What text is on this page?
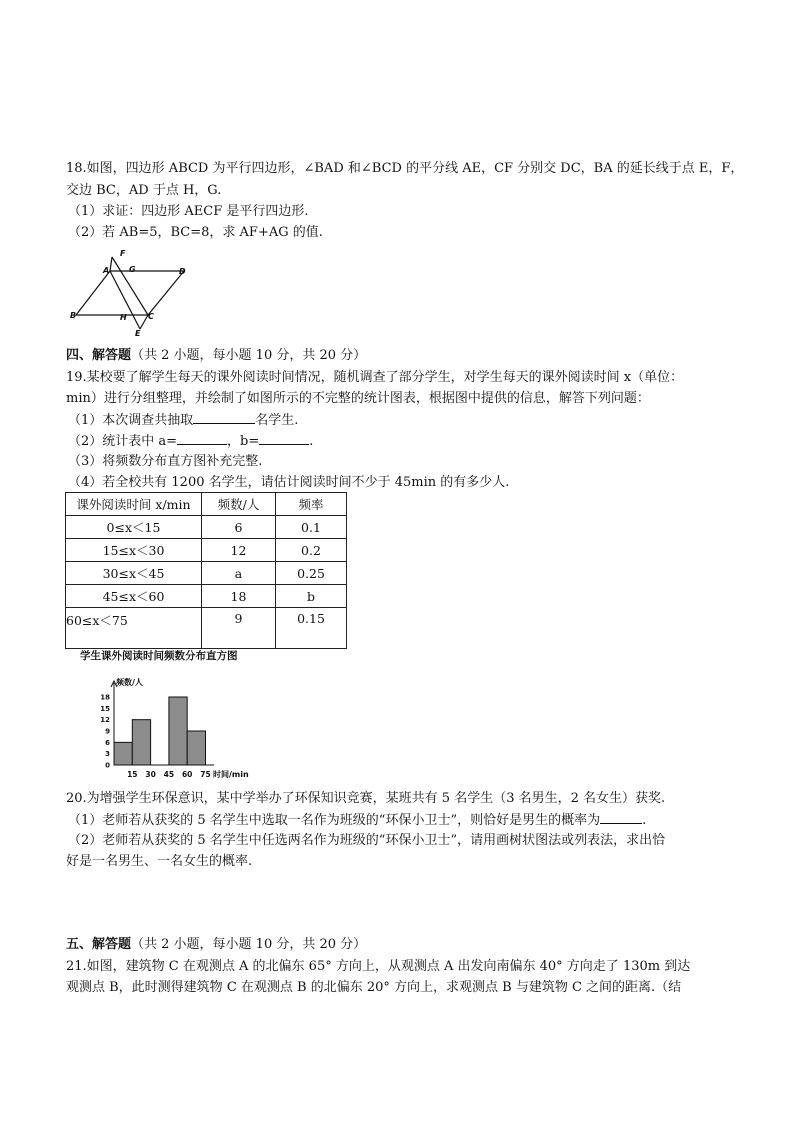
18.如图，四边形 ABCD 为平行四边形，∠BAD 和∠BCD 的平分线 AE，CF 分别交 DC，BA 的延长线于点 E，F，
交边 BC，AD 于点 H，G.
（1）求证：四边形 AECF 是平行四边形.
（2）若 AB=5，BC=8，求 AF+AG 的值.
A
B	C
D
E
F
G
H
四、解答题（共 2 小题，每小题 10 分，共 20 分）
19.某校要了解学生每天的课外阅读时间情况，随机调查了部分学生，对学生每天的课外阅读时间 x（单位：
min）进行分组整理，并绘制了如图所示的不完整的统计图表，根据图中提供的信息，解答下列问题：
（1）本次调查共抽取	名学生.
（2）统计表中 a=	，b=	.
（3）将频数分布直方图补充完整.
（4）若全校共有 1200 名学生，请估计阅读时间不少于 45min 的有多少人.
课外阅读时间 x/min	频数/人	频率
0≤x＜15	6	0.1
15≤x＜30	12	0.2
30≤x＜45	a	0.25
45≤x＜60	18	b
60≤x＜75	9	0.15
学生课外阅读时间频数分布直方图
频数/人
时间/min
0
3
6
9
12
15
18
15 30 45 60 75
20.为增强学生环保意识，某中学举办了环保知识竞赛，某班共有 5 名学生（3 名男生，2 名女生）获奖.
（1）老师若从获奖的 5 名学生中选取一名作为班级的“环保小卫士”，则恰好是男生的概率为	.
（2）老师若从获奖的 5 名学生中任选两名作为班级的“环保小卫士”，请用画树状图法或列表法，求出恰
好是一名男生、一名女生的概率.
五、解答题（共 2 小题，每小题 10 分，共 20 分）
21.如图，建筑物 C 在观测点 A 的北偏东 65° 方向上，从观测点 A 出发向南偏东 40° 方向走了 130m 到达
观测点 B，此时测得建筑物 C 在观测点 B 的北偏东 20° 方向上，求观测点 B 与建筑物 C 之间的距离.（结
